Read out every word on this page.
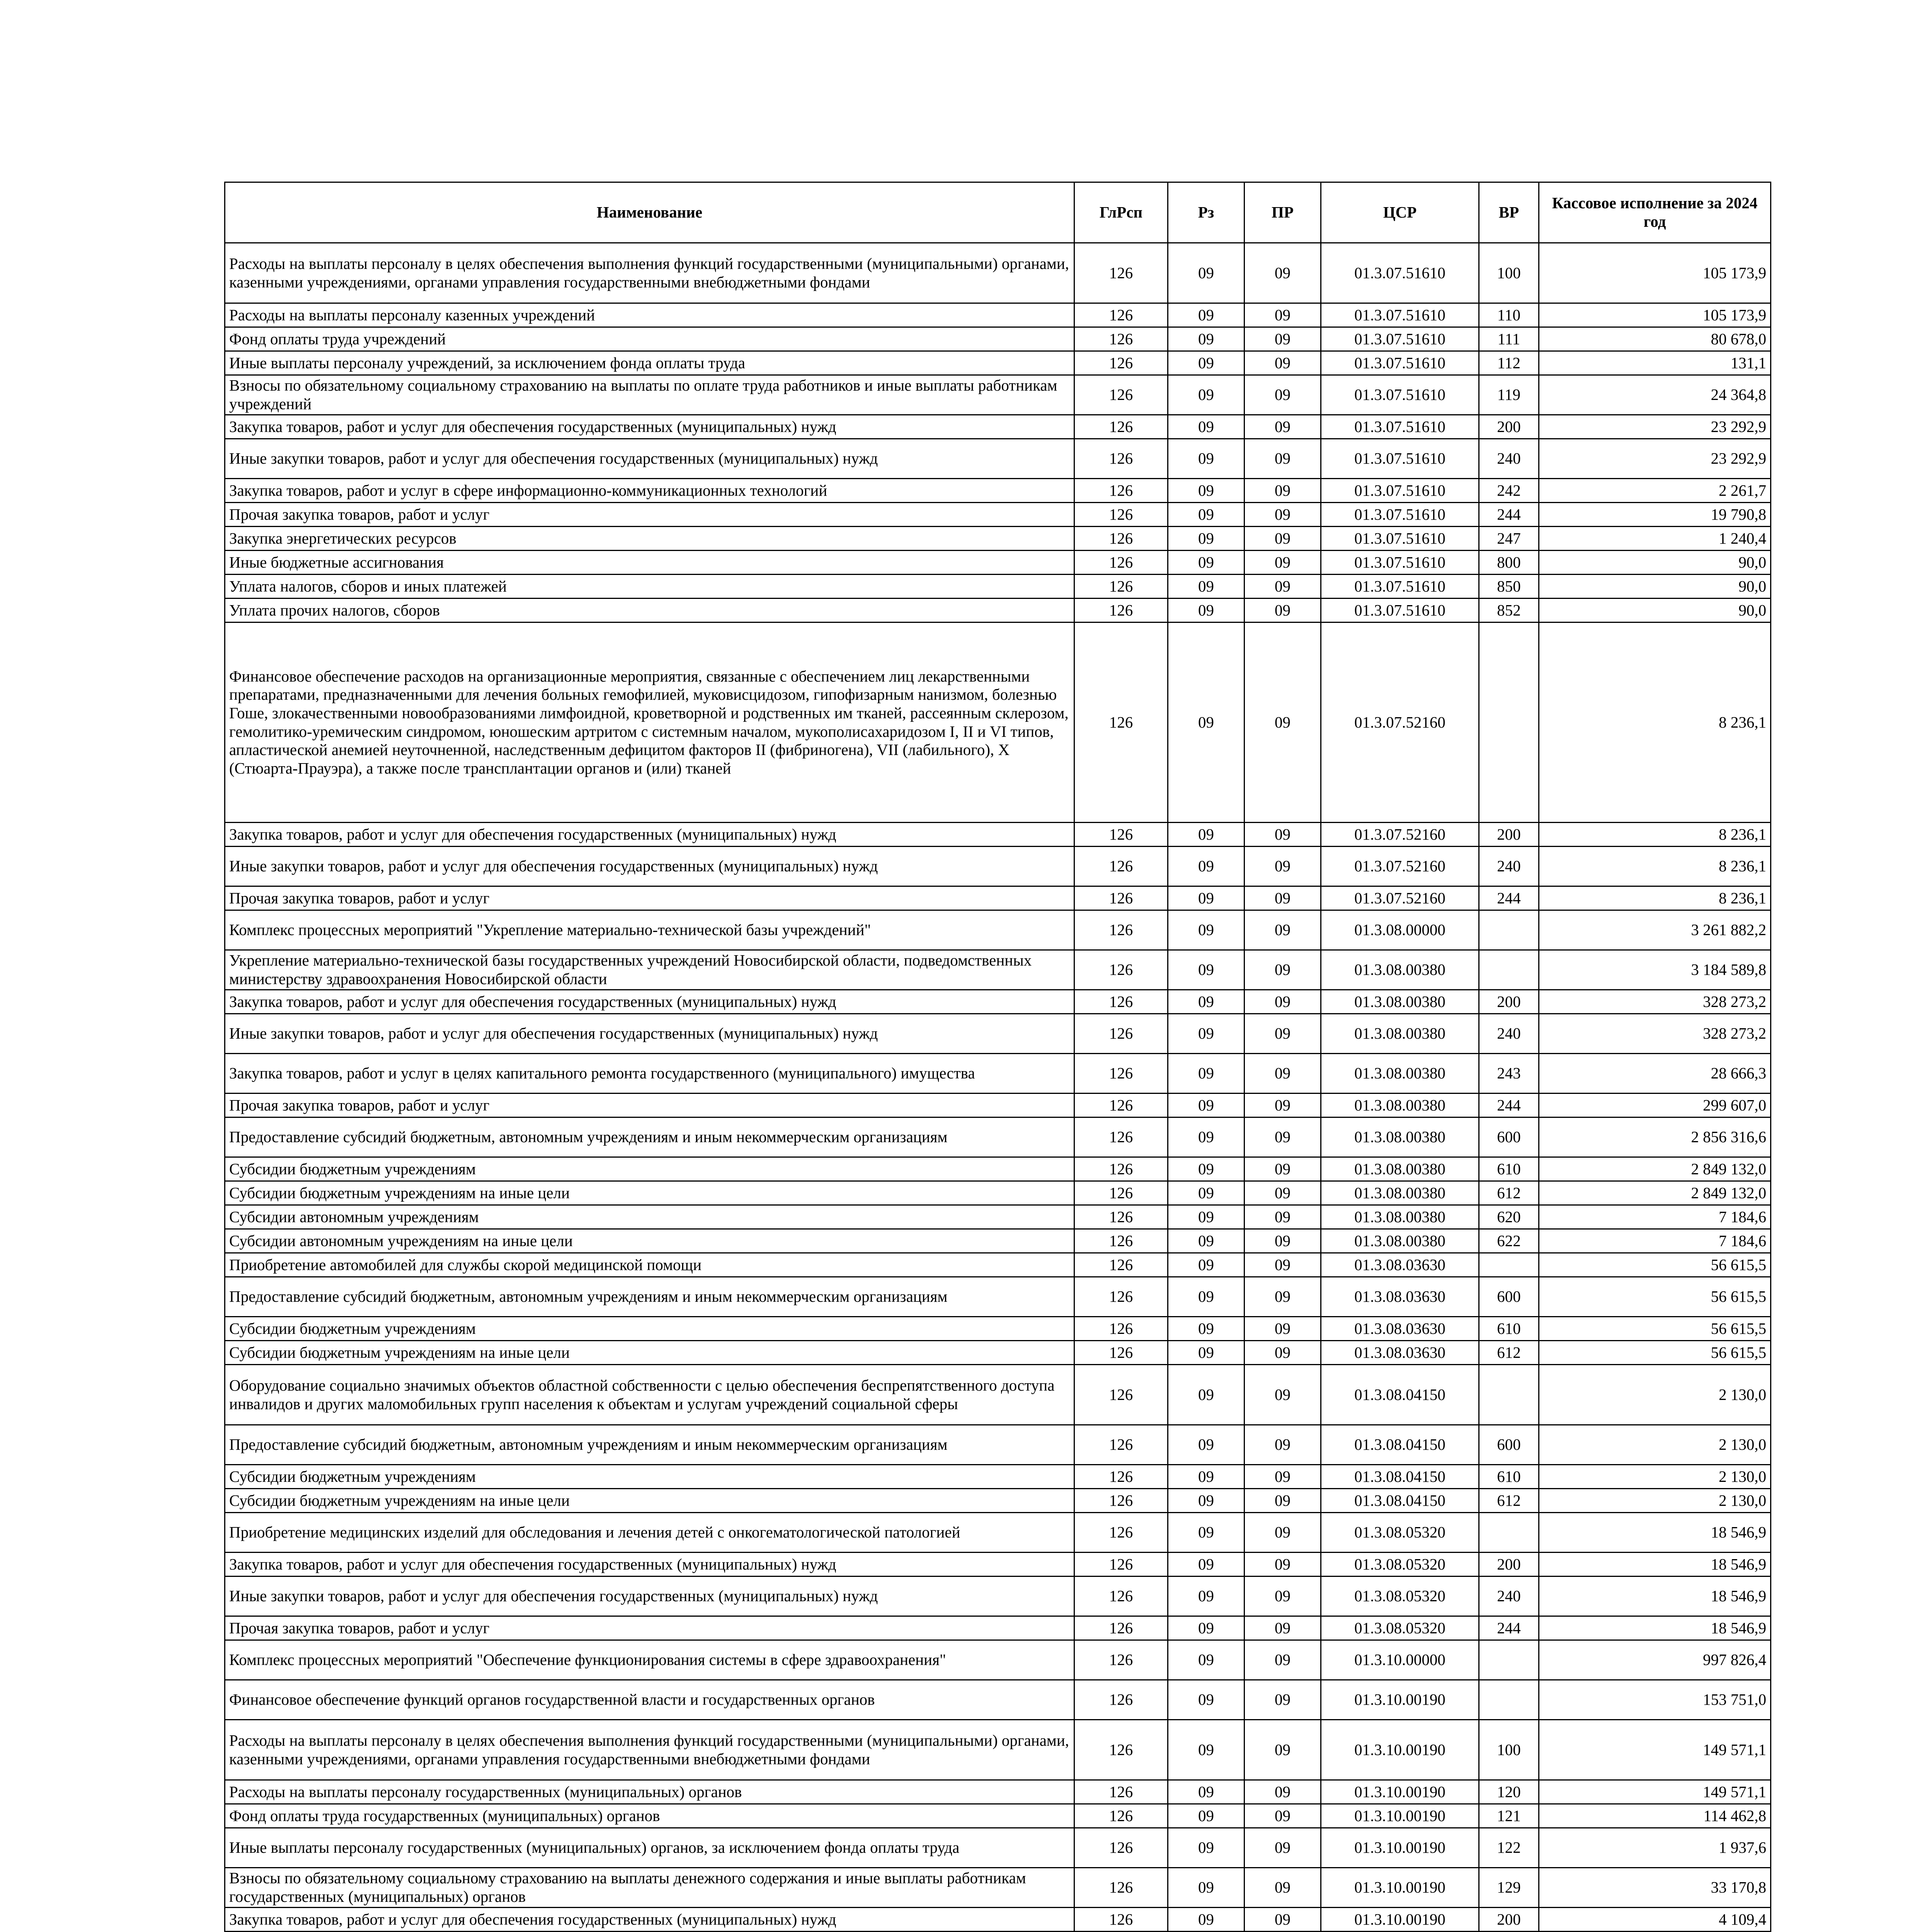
Наименование	ГлРсп	Рз	ПР	ЦСР	ВР	Кассовое исполнение за 2024 год
Расходы на выплаты персоналу в целях обеспечения выполнения функций государственными (муниципальными) органами, казенными учреждениями, органами управления государственными внебюджетными фондами	126	09	09	01.3.07.51610	100	105 173,9
Расходы на выплаты персоналу казенных учреждений	126	09	09	01.3.07.51610	110	105 173,9
Фонд оплаты труда учреждений	126	09	09	01.3.07.51610	111	80 678,0
Иные выплаты персоналу учреждений, за исключением фонда оплаты труда	126	09	09	01.3.07.51610	112	131,1
Взносы по обязательному социальному страхованию на выплаты по оплате труда работников и иные выплаты работникам учреждений	126	09	09	01.3.07.51610	119	24 364,8
Закупка товаров, работ и услуг для обеспечения государственных (муниципальных) нужд	126	09	09	01.3.07.51610	200	23 292,9
Иные закупки товаров, работ и услуг для обеспечения государственных (муниципальных) нужд	126	09	09	01.3.07.51610	240	23 292,9
Закупка товаров, работ и услуг в сфере информационно-коммуникационных технологий	126	09	09	01.3.07.51610	242	2 261,7
Прочая закупка товаров, работ и услуг	126	09	09	01.3.07.51610	244	19 790,8
Закупка энергетических ресурсов	126	09	09	01.3.07.51610	247	1 240,4
Иные бюджетные ассигнования	126	09	09	01.3.07.51610	800	90,0
Уплата налогов, сборов и иных платежей	126	09	09	01.3.07.51610	850	90,0
Уплата прочих налогов, сборов	126	09	09	01.3.07.51610	852	90,0
Финансовое обеспечение расходов на организационные мероприятия, связанные с обеспечением лиц лекарственными препаратами, предназначенными для лечения больных гемофилией, муковисцидозом, гипофизарным нанизмом, болезнью Гоше, злокачественными новообразованиями лимфоидной, кроветворной и родственных им тканей, рассеянным склерозом, гемолитико-уремическим синдромом, юношеским артритом с системным началом, мукополисахаридозом I, II и VI типов, апластической анемией неуточненной, наследственным дефицитом факторов II (фибриногена), VII (лабильного), X (Стюарта-Прауэра), а также после трансплантации органов и (или) тканей	126	09	09	01.3.07.52160		8 236,1
Закупка товаров, работ и услуг для обеспечения государственных (муниципальных) нужд	126	09	09	01.3.07.52160	200	8 236,1
Иные закупки товаров, работ и услуг для обеспечения государственных (муниципальных) нужд	126	09	09	01.3.07.52160	240	8 236,1
Прочая закупка товаров, работ и услуг	126	09	09	01.3.07.52160	244	8 236,1
Комплекс процессных мероприятий "Укрепление материально-технической базы учреждений"	126	09	09	01.3.08.00000		3 261 882,2
Укрепление материально-технической базы государственных учреждений Новосибирской области, подведомственных министерству здравоохранения Новосибирской области	126	09	09	01.3.08.00380		3 184 589,8
Закупка товаров, работ и услуг для обеспечения государственных (муниципальных) нужд	126	09	09	01.3.08.00380	200	328 273,2
Иные закупки товаров, работ и услуг для обеспечения государственных (муниципальных) нужд	126	09	09	01.3.08.00380	240	328 273,2
Закупка товаров, работ и услуг в целях капитального ремонта государственного (муниципального) имущества	126	09	09	01.3.08.00380	243	28 666,3
Прочая закупка товаров, работ и услуг	126	09	09	01.3.08.00380	244	299 607,0
Предоставление субсидий бюджетным, автономным учреждениям и иным некоммерческим организациям	126	09	09	01.3.08.00380	600	2 856 316,6
Субсидии бюджетным учреждениям	126	09	09	01.3.08.00380	610	2 849 132,0
Субсидии бюджетным учреждениям на иные цели	126	09	09	01.3.08.00380	612	2 849 132,0
Субсидии автономным учреждениям	126	09	09	01.3.08.00380	620	7 184,6
Субсидии автономным учреждениям на иные цели	126	09	09	01.3.08.00380	622	7 184,6
Приобретение автомобилей для службы скорой медицинской помощи	126	09	09	01.3.08.03630		56 615,5
Предоставление субсидий бюджетным, автономным учреждениям и иным некоммерческим организациям	126	09	09	01.3.08.03630	600	56 615,5
Субсидии бюджетным учреждениям	126	09	09	01.3.08.03630	610	56 615,5
Субсидии бюджетным учреждениям на иные цели	126	09	09	01.3.08.03630	612	56 615,5
Оборудование социально значимых объектов областной собственности с целью обеспечения беспрепятственного доступа инвалидов и других маломобильных групп населения к объектам и услугам учреждений социальной сферы	126	09	09	01.3.08.04150		2 130,0
Предоставление субсидий бюджетным, автономным учреждениям и иным некоммерческим организациям	126	09	09	01.3.08.04150	600	2 130,0
Субсидии бюджетным учреждениям	126	09	09	01.3.08.04150	610	2 130,0
Субсидии бюджетным учреждениям на иные цели	126	09	09	01.3.08.04150	612	2 130,0
Приобретение медицинских изделий для обследования и лечения детей с онкогематологической патологией	126	09	09	01.3.08.05320		18 546,9
Закупка товаров, работ и услуг для обеспечения государственных (муниципальных) нужд	126	09	09	01.3.08.05320	200	18 546,9
Иные закупки товаров, работ и услуг для обеспечения государственных (муниципальных) нужд	126	09	09	01.3.08.05320	240	18 546,9
Прочая закупка товаров, работ и услуг	126	09	09	01.3.08.05320	244	18 546,9
Комплекс процессных мероприятий "Обеспечение функционирования системы в сфере здравоохранения"	126	09	09	01.3.10.00000		997 826,4
Финансовое обеспечение функций органов государственной власти и государственных органов	126	09	09	01.3.10.00190		153 751,0
Расходы на выплаты персоналу в целях обеспечения выполнения функций государственными (муниципальными) органами, казенными учреждениями, органами управления государственными внебюджетными фондами	126	09	09	01.3.10.00190	100	149 571,1
Расходы на выплаты персоналу государственных (муниципальных) органов	126	09	09	01.3.10.00190	120	149 571,1
Фонд оплаты труда государственных (муниципальных) органов	126	09	09	01.3.10.00190	121	114 462,8
Иные выплаты персоналу государственных (муниципальных) органов, за исключением фонда оплаты труда	126	09	09	01.3.10.00190	122	1 937,6
Взносы по обязательному социальному страхованию на выплаты денежного содержания и иные выплаты работникам государственных (муниципальных) органов	126	09	09	01.3.10.00190	129	33 170,8
Закупка товаров, работ и услуг для обеспечения государственных (муниципальных) нужд	126	09	09	01.3.10.00190	200	4 109,4
